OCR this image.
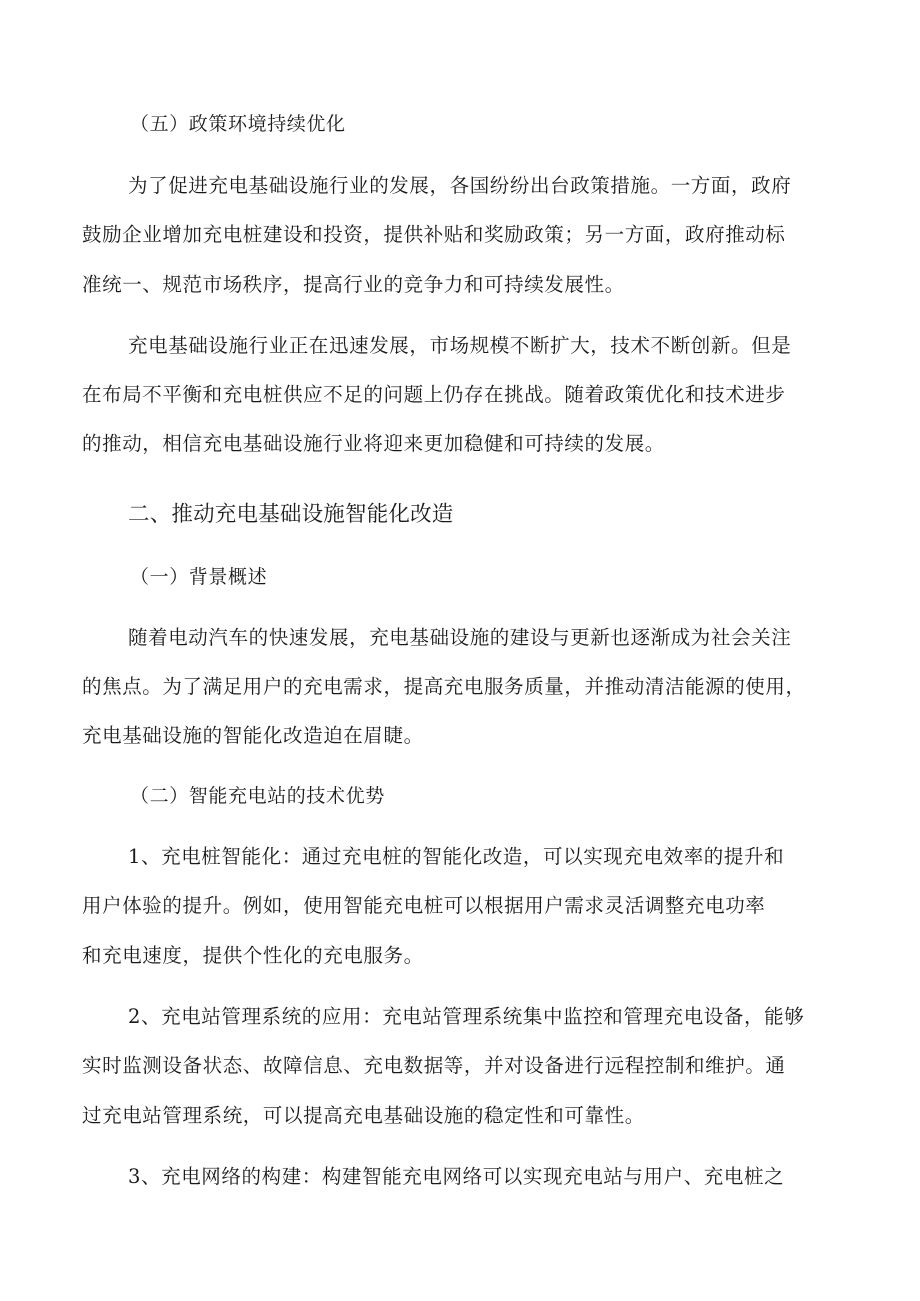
（五）政策环境持续优化

为了促进充电基础设施行业的发展，各国纷纷出台政策措施。一方面，政府

鼓励企业增加充电桩建设和投资，提供补贴和奖励政策；另一方面，政府推动标

准统一、规范市场秩序，提高行业的竞争力和可持续发展性。

充电基础设施行业正在迅速发展，市场规模不断扩大，技术不断创新。但是

在布局不平衡和充电桩供应不足的问题上仍存在挑战。随着政策优化和技术进步

的推动，相信充电基础设施行业将迎来更加稳健和可持续的发展。

二、推动充电基础设施智能化改造

（一）背景概述

随着电动汽车的快速发展，充电基础设施的建设与更新也逐渐成为社会关注

的焦点。为了满足用户的充电需求，提高充电服务质量，并推动清洁能源的使用，

充电基础设施的智能化改造迫在眉睫。

（二）智能充电站的技术优势

1、充电桩智能化：通过充电桩的智能化改造，可以实现充电效率的提升和

用户体验的提升。例如，使用智能充电桩可以根据用户需求灵活调整充电功率

和充电速度，提供个性化的充电服务。

2、充电站管理系统的应用：充电站管理系统集中监控和管理充电设备，能够

实时监测设备状态、故障信息、充电数据等，并对设备进行远程控制和维护。通

过充电站管理系统，可以提高充电基础设施的稳定性和可靠性。

3、充电网络的构建：构建智能充电网络可以实现充电站与用户、充电桩之
